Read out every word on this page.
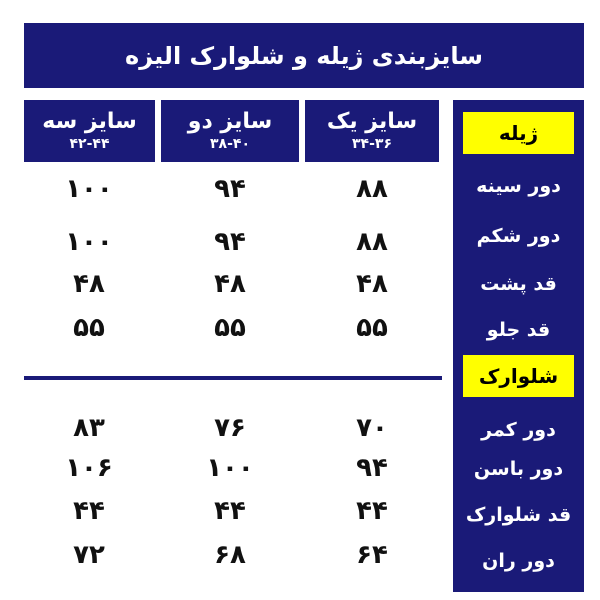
سایزبندی ژیله و شلوارک الیزه
سایز یک
۳۴-۳۶
سایز دو
۳۸-۴۰
سایز سه
۴۲-۴۴	ژیله
دور سینه
دور شکم
قد پشت
قد جلو
شلوارک
دور کمر
دور باسن
قد شلوارک
دور ران
۸۸
۹۴
۱۰۰
۸۸
۹۴
۱۰۰
۴۸
۴۸
۴۸
۵۵
۵۵
۵۵
۷۰
۷۶
۸۳
۹۴
۱۰۰
۱۰۶
۴۴
۴۴
۴۴
۶۴
۶۸
۷۲
